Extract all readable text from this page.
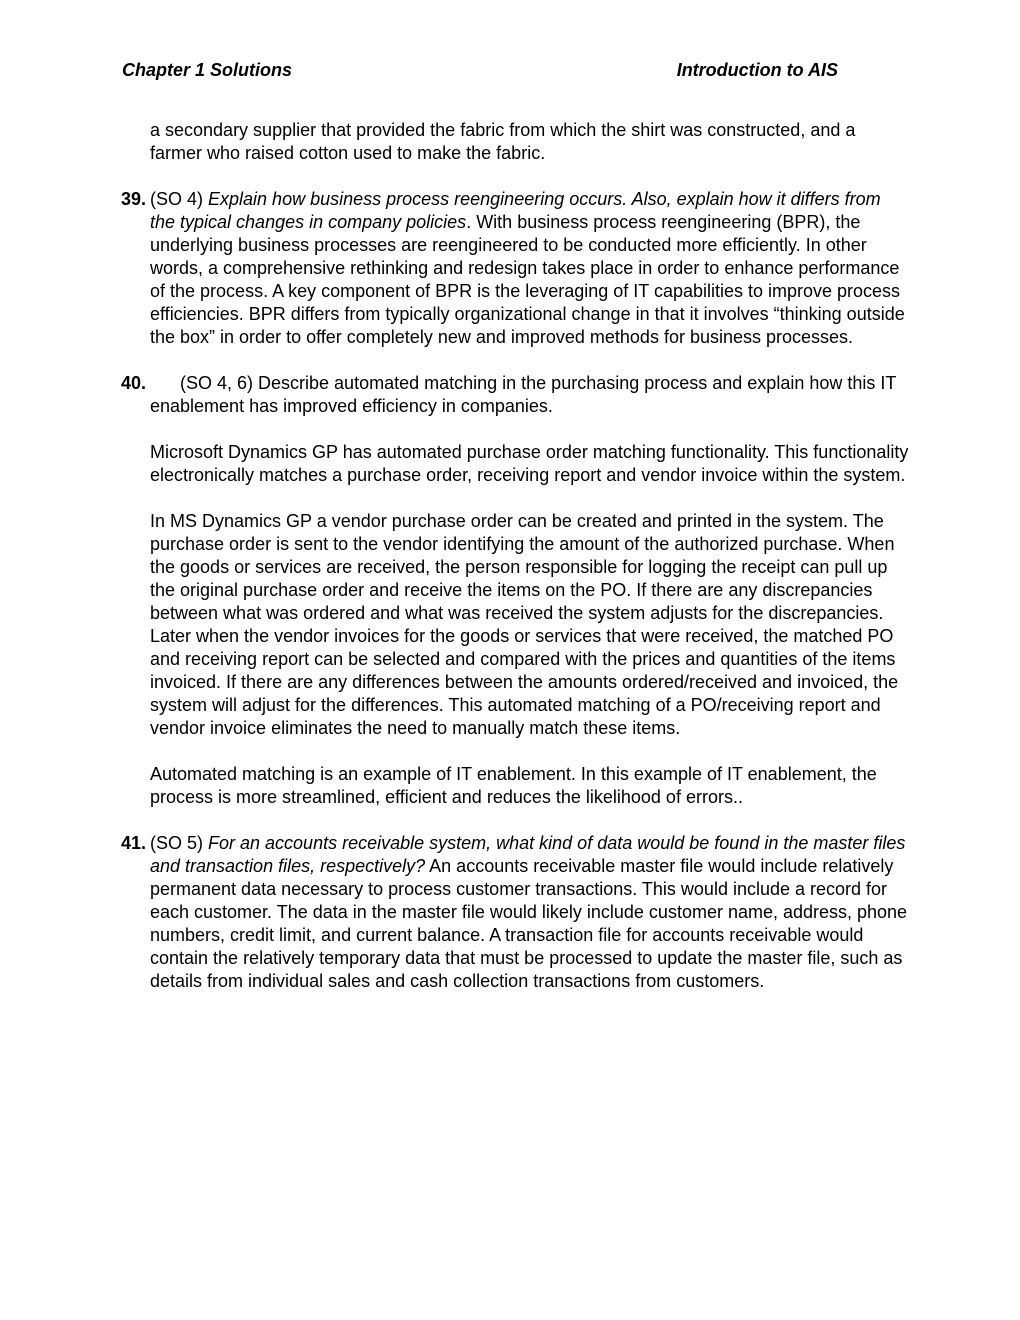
Chapter 1 Solutions	Introduction to AIS

a secondary supplier that provided the fabric from which the shirt was constructed, and a farmer who raised cotton used to make the fabric.

39. (SO 4) Explain how business process reengineering occurs. Also, explain how it differs from the typical changes in company policies. With business process reengineering (BPR), the underlying business processes are reengineered to be conducted more efficiently. In other words, a comprehensive rethinking and redesign takes place in order to enhance performance of the process. A key component of BPR is the leveraging of IT capabilities to improve process efficiencies. BPR differs from typically organizational change in that it involves “thinking outside the box” in order to offer completely new and improved methods for business processes.

40. (SO 4, 6) Describe automated matching in the purchasing process and explain how this IT enablement has improved efficiency in companies.

Microsoft Dynamics GP has automated purchase order matching functionality. This functionality electronically matches a purchase order, receiving report and vendor invoice within the system.

In MS Dynamics GP a vendor purchase order can be created and printed in the system. The purchase order is sent to the vendor identifying the amount of the authorized purchase. When the goods or services are received, the person responsible for logging the receipt can pull up the original purchase order and receive the items on the PO. If there are any discrepancies between what was ordered and what was received the system adjusts for the discrepancies. Later when the vendor invoices for the goods or services that were received, the matched PO and receiving report can be selected and compared with the prices and quantities of the items invoiced. If there are any differences between the amounts ordered/received and invoiced, the system will adjust for the differences. This automated matching of a PO/receiving report and vendor invoice eliminates the need to manually match these items.

Automated matching is an example of IT enablement. In this example of IT enablement, the process is more streamlined, efficient and reduces the likelihood of errors..

41. (SO 5) For an accounts receivable system, what kind of data would be found in the master files and transaction files, respectively? An accounts receivable master file would include relatively permanent data necessary to process customer transactions. This would include a record for each customer. The data in the master file would likely include customer name, address, phone numbers, credit limit, and current balance. A transaction file for accounts receivable would contain the relatively temporary data that must be processed to update the master file, such as details from individual sales and cash collection transactions from customers.
